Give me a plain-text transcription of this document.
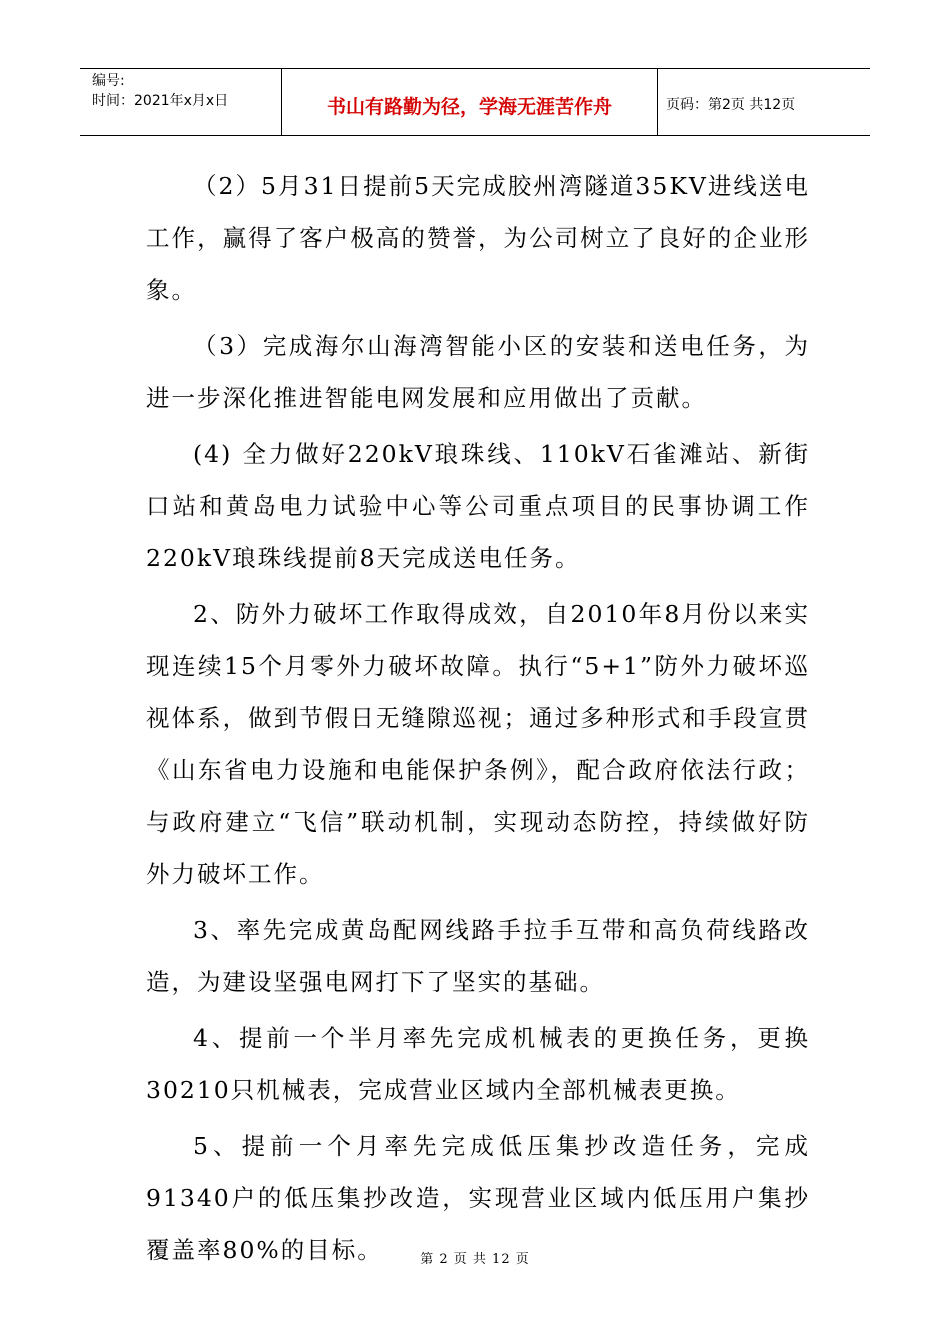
编号:
时间：2021年x月x日	书山有路勤为径，学海无涯苦作舟	页码：第2页 共12页

（2）5月31日提前5天完成胶州湾隧道35KV进线送电工作，赢得了客户极高的赞誉，为公司树立了良好的企业形象。

（3）完成海尔山海湾智能小区的安装和送电任务，为进一步深化推进智能电网发展和应用做出了贡献。

(4) 全力做好220kV琅珠线、110kV石雀滩站、新街口站和黄岛电力试验中心等公司重点项目的民事协调工作220kV琅珠线提前8天完成送电任务。

2、防外力破坏工作取得成效，自2010年8月份以来实现连续15个月零外力破坏故障。执行“5+1”防外力破坏巡视体系，做到节假日无缝隙巡视；通过多种形式和手段宣贯《山东省电力设施和电能保护条例》，配合政府依法行政；与政府建立“飞信”联动机制，实现动态防控，持续做好防外力破坏工作。

3、率先完成黄岛配网线路手拉手互带和高负荷线路改造，为建设坚强电网打下了坚实的基础。

4、提前一个半月率先完成机械表的更换任务，更换30210只机械表，完成营业区域内全部机械表更换。

5、提前一个月率先完成低压集抄改造任务，完成91340户的低压集抄改造，实现营业区域内低压用户集抄覆盖率80%的目标。	第 2 页 共 12 页
